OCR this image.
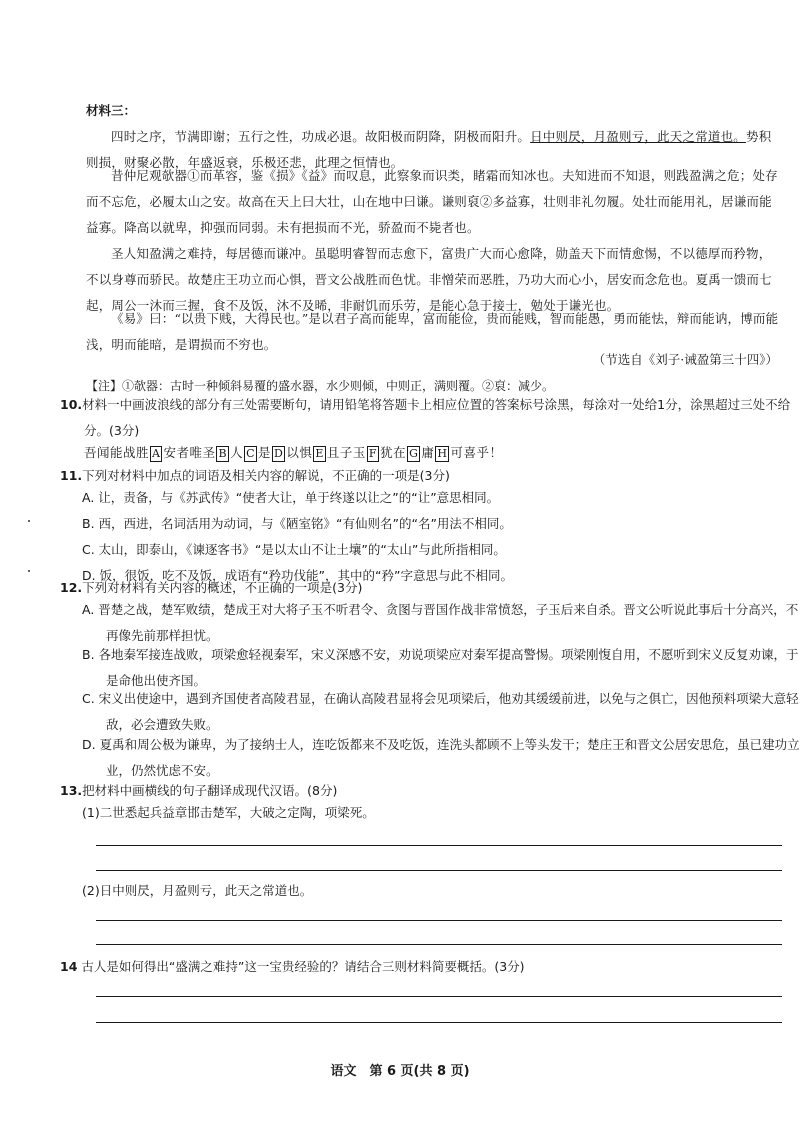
材料三：
四时之序，节满即谢；五行之性，功成必退。故阳极而阴降，阴极而阳升。日中则昃，月盈则亏，此天之常道也。势积则损，财聚必散，年盛返衰，乐极还悲，此理之恒情也。
昔仲尼观欹器①而革容，鉴《损》《益》而叹息，此察象而识类，睹霜而知冰也。夫知进而不知退，则践盈满之危；处存而不忘危，必履太山之安。故高在天上曰大壮，山在地中曰谦。谦则裒②多益寡，壮则非礼勿履。处壮而能用礼，居谦而能益寡。降高以就卑，抑强而同弱。未有挹损而不光，骄盈而不毙者也。
圣人知盈满之难持，每居德而谦冲。虽聪明睿智而志愈下，富贵广大而心愈降，勋盖天下而情愈惕，不以德厚而矜物，不以身尊而骄民。故楚庄王功立而心惧，晋文公战胜而色忧。非憎荣而恶胜，乃功大而心小，居安而念危也。夏禹一馈而七起，周公一沐而三握，食不及饭，沐不及晞，非耐饥而乐劳，是能心急于接士，勉处于谦光也。
《易》曰：“以贵下贱，大得民也。”是以君子高而能卑，富而能俭，贵而能贱，智而能愚，勇而能怯，辩而能讷，博而能浅，明而能暗，是谓损而不穷也。
（节选自《刘子·诫盈第三十四》）
【注】①欹器：古时一种倾斜易覆的盛水器，水少则倾，中则正，满则覆。②裒：减少。
10.材料一中画波浪线的部分有三处需要断句，请用铅笔将答题卡上相应位置的答案标号涂黑，每涂对一处给1分，涂黑超过三处不给分。(3分)
吾闻能战胜 A 安者唯圣 B 人 C 是 D 以惧 E 且子玉 F 犹在 G 庸 H 可喜乎！
11.下列对材料中加点的词语及相关内容的解说，不正确的一项是(3分)
A. 让，责备，与《苏武传》“使者大让，单于终遂以让之”的“让”意思相同。
B. 西，西进，名词活用为动词，与《陋室铭》“有仙则名”的“名”用法不相同。
C. 太山，即泰山，《谏逐客书》“是以太山不让土壤”的“太山”与此所指相同。
D. 饭，很饭，吃不及饭，成语有“矜功伐能”，其中的“矜”字意思与此不相同。
12.下列对材料有关内容的概述，不正确的一项是(3分)
A. 晋楚之战，楚军败绩，楚成王对大将子玉不听君令、贪图与晋国作战非常愤怒，子玉后来自杀。晋文公听说此事后十分高兴，不再像先前那样担忧。
B. 各地秦军接连战败，项梁愈轻视秦军，宋义深感不安，劝说项梁应对秦军提高警惕。项梁刚愎自用，不愿听到宋义反复劝谏，于是命他出使齐国。
C. 宋义出使途中，遇到齐国使者高陵君显，在确认高陵君显将会见项梁后，他劝其缓缓前进，以免与之俱亡，因他预料项梁大意轻敌，必会遭致失败。
D. 夏禹和周公极为谦卑，为了接纳士人，连吃饭都来不及吃饭，连洗头都顾不上等头发干；楚庄王和晋文公居安思危，虽已建功立业，仍然忧虑不安。
13.把材料中画横线的句子翻译成现代汉语。(8分)
(1)二世悉起兵益章邯击楚军，大破之定陶，项梁死。
(2)日中则昃，月盈则亏，此天之常道也。
14 古人是如何得出“盛满之难持”这一宝贵经验的？请结合三则材料简要概括。(3分)
语文　第 6 页(共 8 页)
